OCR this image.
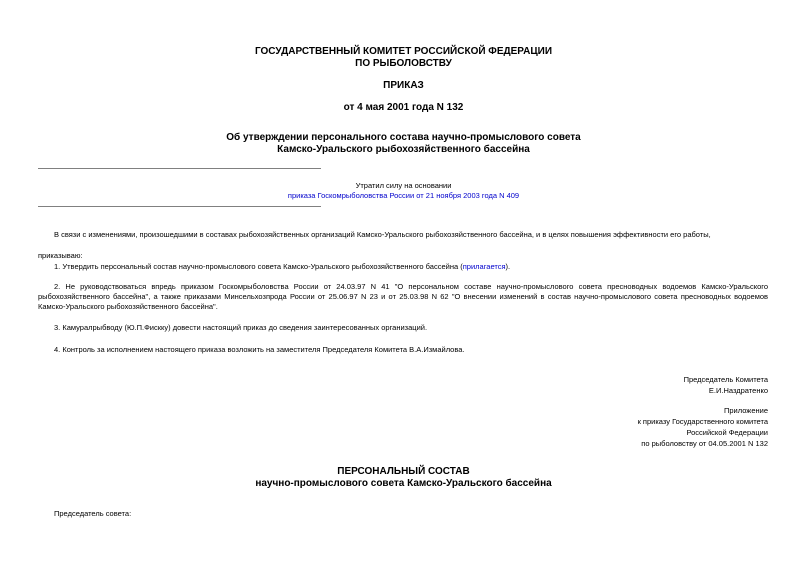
ГОСУДАРСТВЕННЫЙ КОМИТЕТ РОССИЙСКОЙ ФЕДЕРАЦИИ
ПО РЫБОЛОВСТВУ
ПРИКАЗ
от 4 мая 2001 года N 132
Об утверждении персонального состава научно-промыслового совета
Камско-Уральского рыбохозяйственного бассейна
Утратил силу на основании
приказа Госкомрыболовства России от 21 ноября 2003 года N 409
В связи с изменениями, произошедшими в составах рыбохозяйственных организаций Камско-Уральского рыбохозяйственного бассейна, и в целях повышения эффективности его работы,
приказываю:
1. Утвердить персональный состав научно-промыслового совета Камско-Уральского рыбохозяйственного бассейна (прилагается).
2. Не руководствоваться впредь приказом Госкомрыболовства России от 24.03.97 N 41 "О персональном составе научно-промыслового совета пресноводных водоемов Камско-Уральского рыбохозяйственного бассейна", а также приказами Минсельхозпрода России от 25.06.97 N 23 и от 25.03.98 N 62 "О внесении изменений в состав научно-промыслового совета пресноводных водоемов Камско-Уральского рыбохозяйственного бассейна".
3. Камуралрыбводу (Ю.П.Фискку) довести настоящий приказ до сведения заинтересованных организаций.
4. Контроль за исполнением настоящего приказа возложить на заместителя Председателя Комитета В.А.Измайлова.
Председатель Комитета
Е.И.Наздратенко
Приложение
к приказу Государственного комитета
Российской Федерации
по рыболовству от 04.05.2001 N 132
ПЕРСОНАЛЬНЫЙ СОСТАВ
научно-промыслового совета Камско-Уральского бассейна
Председатель совета:
